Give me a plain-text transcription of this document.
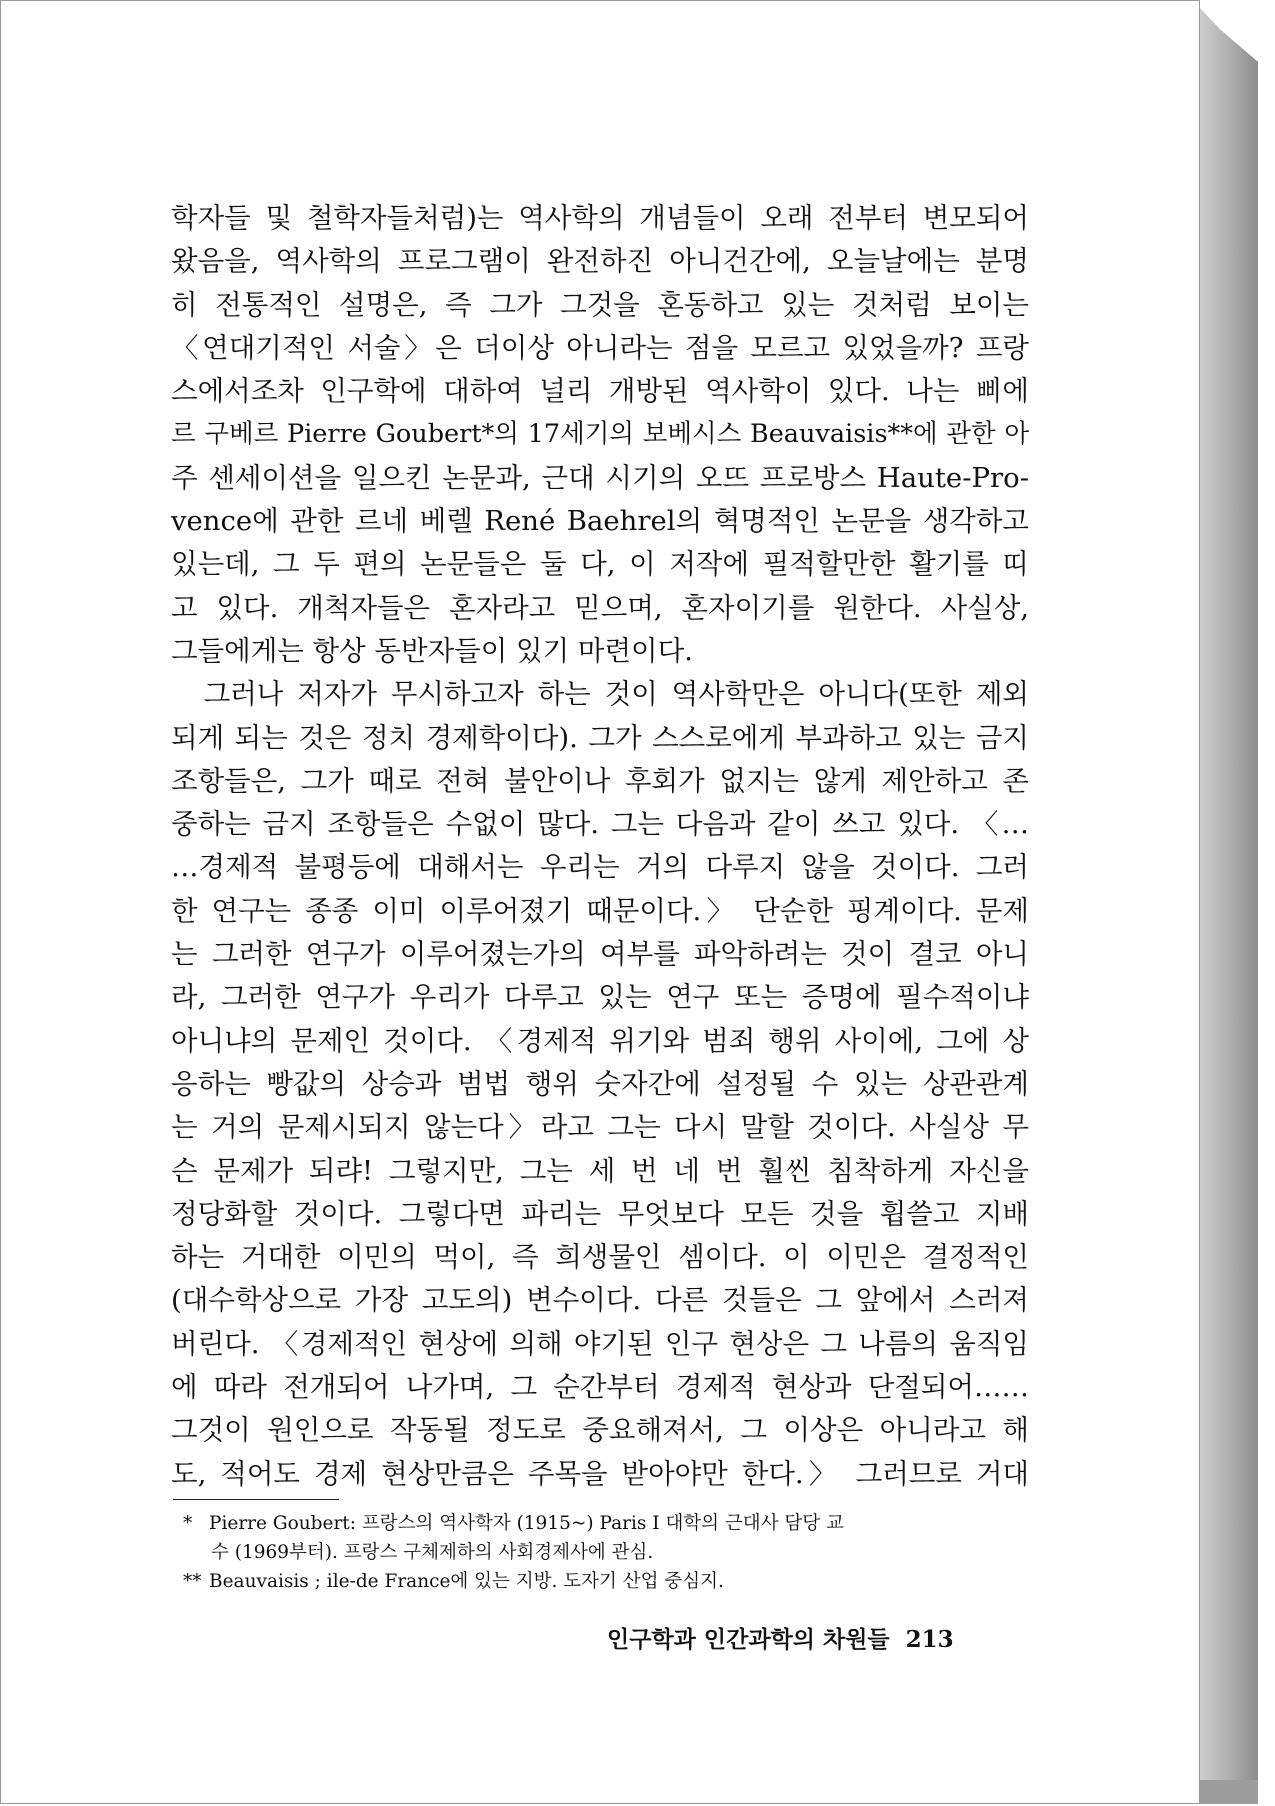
학자들 및 철학자들처럼)는 역사학의 개념들이 오래 전부터 변모되어
왔음을, 역사학의 프로그램이 완전하진 아니건간에, 오늘날에는 분명
히 전통적인 설명은, 즉 그가 그것을 혼동하고 있는 것처럼 보이는
〈연대기적인 서술〉은 더이상 아니라는 점을 모르고 있었을까? 프랑
스에서조차 인구학에 대하여 널리 개방된 역사학이 있다. 나는 삐에
르 구베르 Pierre Goubert*의 17세기의 보베시스 Beauvaisis**에 관한 아
주 센세이션을 일으킨 논문과, 근대 시기의 오뜨 프로방스 Haute-Pro-
vence에 관한 르네 베렐 René Baehrel의 혁명적인 논문을 생각하고
있는데, 그 두 편의 논문들은 둘 다, 이 저작에 필적할만한 활기를 띠
고 있다. 개척자들은 혼자라고 믿으며, 혼자이기를 원한다. 사실상,
그들에게는 항상 동반자들이 있기 마련이다.
　그러나 저자가 무시하고자 하는 것이 역사학만은 아니다(또한 제외
되게 되는 것은 정치 경제학이다). 그가 스스로에게 부과하고 있는 금지
조항들은, 그가 때로 전혀 불안이나 후회가 없지는 않게 제안하고 존
중하는 금지 조항들은 수없이 많다. 그는 다음과 같이 쓰고 있다. 〈…
…경제적 불평등에 대해서는 우리는 거의 다루지 않을 것이다. 그러
한 연구는 종종 이미 이루어졌기 때문이다.〉 단순한 핑계이다. 문제
는 그러한 연구가 이루어졌는가의 여부를 파악하려는 것이 결코 아니
라, 그러한 연구가 우리가 다루고 있는 연구 또는 증명에 필수적이냐
아니냐의 문제인 것이다. 〈경제적 위기와 범죄 행위 사이에, 그에 상
응하는 빵값의 상승과 범법 행위 숫자간에 설정될 수 있는 상관관계
는 거의 문제시되지 않는다〉라고 그는 다시 말할 것이다. 사실상 무
슨 문제가 되랴! 그렇지만, 그는 세 번 네 번 훨씬 침착하게 자신을
정당화할 것이다. 그렇다면 파리는 무엇보다 모든 것을 휩쓸고 지배
하는 거대한 이민의 먹이, 즉 희생물인 셈이다. 이 이민은 결정적인
(대수학상으로 가장 고도의) 변수이다. 다른 것들은 그 앞에서 스러져
버린다. 〈경제적인 현상에 의해 야기된 인구 현상은 그 나름의 움직임
에 따라 전개되어 나가며, 그 순간부터 경제적 현상과 단절되어……
그것이 원인으로 작동될 정도로 중요해져서, 그 이상은 아니라고 해
도, 적어도 경제 현상만큼은 주목을 받아야만 한다.〉 그러므로 거대
* Pierre Goubert: 프랑스의 역사학자 (1915~) Paris I 대학의 근대사 담당 교
수 (1969부터). 프랑스 구체제하의 사회경제사에 관심.
** Beauvaisis ; ile-de France에 있는 지방. 도자기 산업 중심지.
인구학과 인간과학의 차원들 213
